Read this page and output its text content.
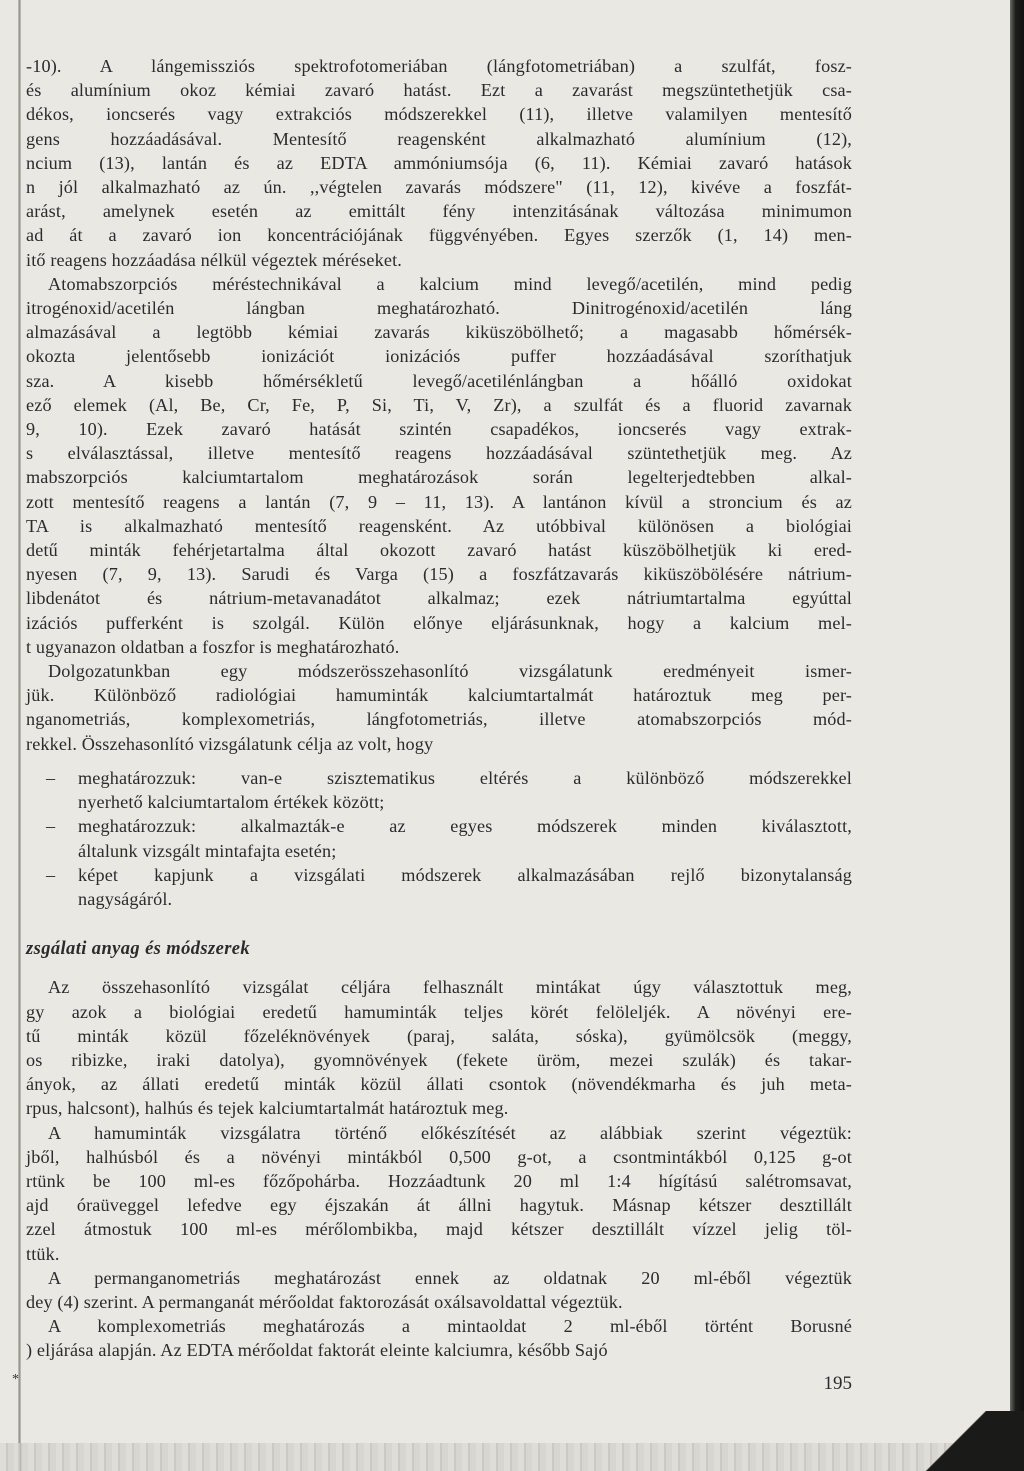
-10). A lángemissziós spektrofotomeriában (lángfotometriában) a szulfát, fosz-
és alumínium okoz kémiai zavaró hatást. Ezt a zavarást megszüntethetjük csa-
dékos, ioncserés vagy extrakciós módszerekkel (11), illetve valamilyen mentesítő
gens hozzáadásával. Mentesítő reagensként alkalmazható alumínium (12),
ncium (13), lantán és az EDTA ammóniumsója (6, 11). Kémiai zavaró hatások
n jól alkalmazható az ún. ,,végtelen zavarás módszere" (11, 12), kivéve a foszfát-
arást, amelynek esetén az emittált fény intenzitásának változása minimumon
ad át a zavaró ion koncentrációjának függvényében. Egyes szerzők (1, 14) men-
itő reagens hozzáadása nélkül végeztek méréseket.
Atomabszorpciós méréstechnikával a kalcium mind levegő/acetilén, mind pedig
itrogénoxid/acetilén lángban meghatározható. Dinitrogénoxid/acetilén láng
almazásával a legtöbb kémiai zavarás kiküszöbölhető; a magasabb hőmérsék-
okozta jelentősebb ionizációt ionizációs puffer hozzáadásával szoríthatjuk
sza. A kisebb hőmérsékletű levegő/acetilénlángban a hőálló oxidokat
ező elemek (Al, Be, Cr, Fe, P, Si, Ti, V, Zr), a szulfát és a fluorid zavarnak
9, 10). Ezek zavaró hatását szintén csapadékos, ioncserés vagy extrak-
s elválasztással, illetve mentesítő reagens hozzáadásával szüntethetjük meg. Az
mabszorpciós kalciumtartalom meghatározások során legelterjedtebben alkal-
zott mentesítő reagens a lantán (7, 9 – 11, 13). A lantánon kívül a stroncium és az
TA is alkalmazható mentesítő reagensként. Az utóbbival különösen a biológiai
detű minták fehérjetartalma által okozott zavaró hatást küszöbölhetjük ki ered-
nyesen (7, 9, 13). Sarudi és Varga (15) a foszfátzavarás kiküszöbölésére nátrium-
libdenátot és nátrium-metavanadátot alkalmaz; ezek nátriumtartalma egyúttal
izációs pufferként is szolgál. Külön előnye eljárásunknak, hogy a kalcium mel-
t ugyanazon oldatban a foszfor is meghatározható.
Dolgozatunkban egy módszerösszehasonlító vizsgálatunk eredményeit ismer-
jük. Különböző radiológiai hamuminták kalciumtartalmát határoztuk meg per-
nganometriás, komplexometriás, lángfotometriás, illetve atomabszorpciós mód-
rekkel. Összehasonlító vizsgálatunk célja az volt, hogy
– meghatározzuk: van-e szisztematikus eltérés a különböző módszerekkel
nyerhető kalciumtartalom értékek között;
– meghatározzuk: alkalmazták-e az egyes módszerek minden kiválasztott,
általunk vizsgált mintafajta esetén;
– képet kapjunk a vizsgálati módszerek alkalmazásában rejlő bizonytalanság
nagyságáról.
zsgálati anyag és módszerek
Az összehasonlító vizsgálat céljára felhasznált mintákat úgy választottuk meg,
gy azok a biológiai eredetű hamuminták teljes körét felöleljék. A növényi ere-
tű minták közül főzeléknövények (paraj, saláta, sóska), gyümölcsök (meggy,
os ribizke, iraki datolya), gyomnövények (fekete üröm, mezei szulák) és takar-
ányok, az állati eredetű minták közül állati csontok (növendékmarha és juh meta-
rpus, halcsont), halhús és tejek kalciumtartalmát határoztuk meg.
A hamuminták vizsgálatra történő előkészítését az alábbiak szerint végeztük:
jből, halhúsból és a növényi mintákból 0,500 g-ot, a csontmintákból 0,125 g-ot
rtünk be 100 ml-es főzőpohárba. Hozzáadtunk 20 ml 1:4 hígítású salétromsavat,
ajd óraüveggel lefedve egy éjszakán át állni hagytuk. Másnap kétszer desztillált
zzel átmostuk 100 ml-es mérőlombikba, majd kétszer desztillált vízzel jelig töl-
ttük.
A permanganometriás meghatározást ennek az oldatnak 20 ml-éből végeztük
dey (4) szerint. A permanganát mérőoldat faktorozását oxálsavoldattal végeztük.
A komplexometriás meghatározás a mintaoldat 2 ml-éből történt Borusné
) eljárása alapján. Az EDTA mérőoldat faktorát eleinte kalciumra, később Sajó
*	195
